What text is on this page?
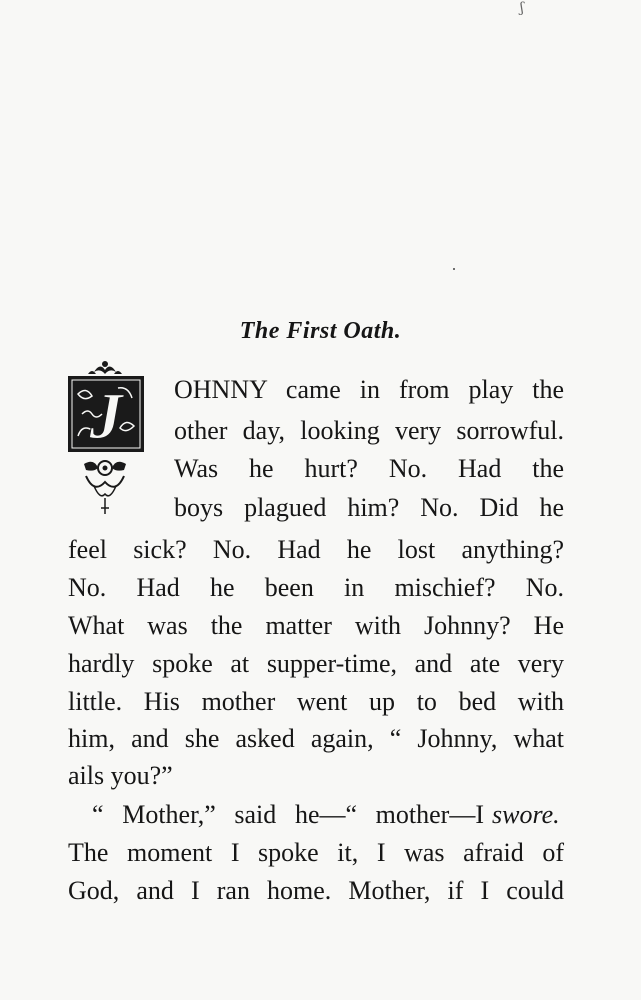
ʃ
The First Oath.
J OHNNY came in from play the
other day, looking very sorrowful.
Was he hurt? No. Had the
boys plagued him? No. Did he
feel sick? No. Had he lost anything?
No. Had he been in mischief? No.
What was the matter with Johnny? He
hardly spoke at supper-time, and ate very
little. His mother went up to bed with
him, and she asked again, “ Johnny, what
ails you?”
“ Mother,” said he—“ mother—I swore.
The moment I spoke it, I was afraid of
God, and I ran home. Mother, if I could
